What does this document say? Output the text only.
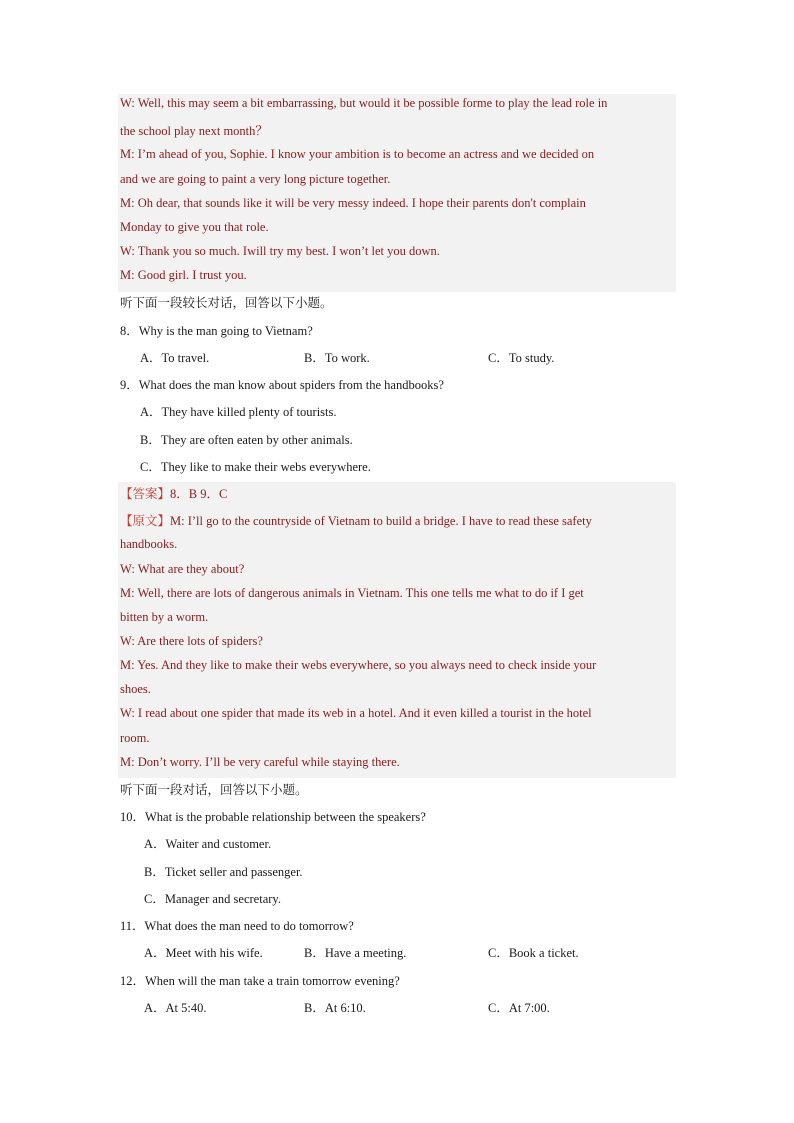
W: Well, this may seem a bit embarrassing, but would it be possible forme to play the lead role in
the school play next month？
M: I’m ahead of you, Sophie. I know your ambition is to become an actress and we decided on
and we are going to paint a very long picture together.
M: Oh dear, that sounds like it will be very messy indeed. I hope their parents don't complain
Monday to give you that role.
W: Thank you so much. Iwill try my best. I won’t let you down.
M: Good girl. I trust you.
听下面一段较长对话，回答以下小题。
8．Why is the man going to Vietnam?
A．To travel.	B．To work.	C．To study.
9．What does the man know about spiders from the handbooks?
A．They have killed plenty of tourists.
B．They are often eaten by other animals.
C．They like to make their webs everywhere.
【答案】8．B 9．C
【原文】M: I’ll go to the countryside of Vietnam to build a bridge. I have to read these safety
handbooks.
W: What are they about?
M: Well, there are lots of dangerous animals in Vietnam. This one tells me what to do if I get
bitten by a worm.
W: Are there lots of spiders?
M: Yes. And they like to make their webs everywhere, so you always need to check inside your
shoes.
W: I read about one spider that made its web in a hotel. And it even killed a tourist in the hotel
room.
M: Don’t worry. I’ll be very careful while staying there.
听下面一段对话，回答以下小题。
10．What is the probable relationship between the speakers?
A．Waiter and customer.
B．Ticket seller and passenger.
C．Manager and secretary.
11．What does the man need to do tomorrow?
A．Meet with his wife.	B．Have a meeting.	C．Book a ticket.
12．When will the man take a train tomorrow evening?
A．At 5:40.	B．At 6:10.	C．At 7:00.
